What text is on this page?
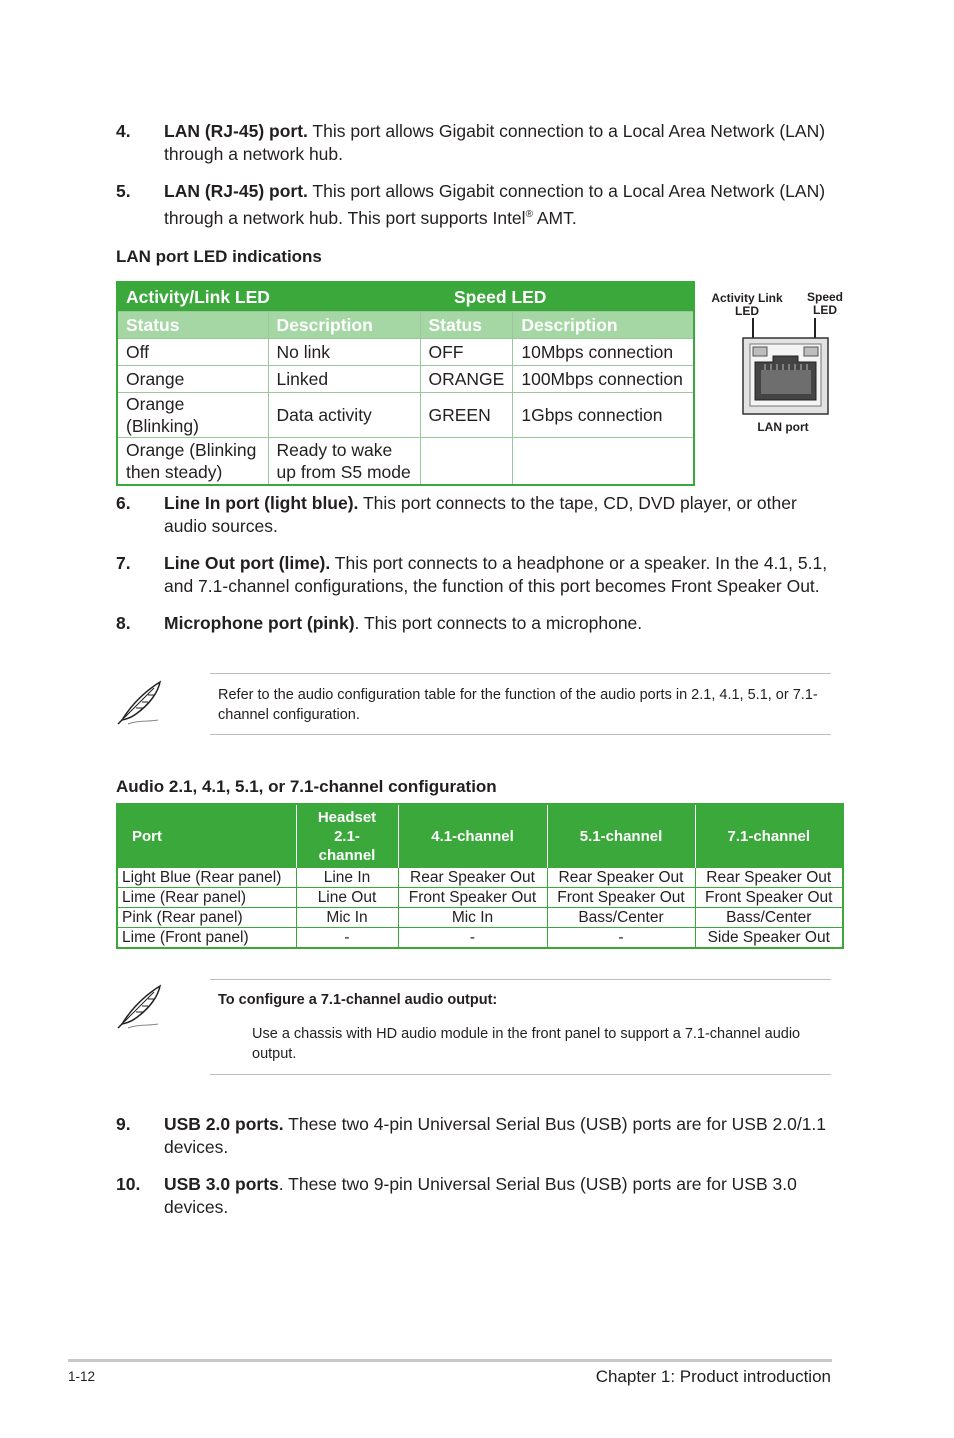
4. LAN (RJ-45) port. This port allows Gigabit connection to a Local Area Network (LAN) through a network hub.
5. LAN (RJ-45) port. This port allows Gigabit connection to a Local Area Network (LAN) through a network hub. This port supports Intel® AMT.
LAN port LED indications
Activity/Link LED		Speed LED	
Status	Description	Status	Description
Off	No link	OFF	10Mbps connection
Orange	Linked	ORANGE	100Mbps connection
Orange (Blinking)	Data activity	GREEN	1Gbps connection
Orange (Blinking then steady)	Ready to wake up from S5 mode		
Activity Link
LED
Speed
LED
LAN port
6. Line In port (light blue). This port connects to the tape, CD, DVD player, or other audio sources.
7. Line Out port (lime). This port connects to a headphone or a speaker. In the 4.1, 5.1, and 7.1-channel configurations, the function of this port becomes Front Speaker Out.
8. Microphone port (pink). This port connects to a microphone.
Refer to the audio configuration table for the function of the audio ports in 2.1, 4.1, 5.1, or 7.1-channel configuration.
Audio 2.1, 4.1, 5.1, or 7.1-channel configuration
Port	Headset 2.1-channel	4.1-channel	5.1-channel	7.1-channel
Light Blue (Rear panel)	Line In	Rear Speaker Out	Rear Speaker Out	Rear Speaker Out
Lime (Rear panel)	Line Out	Front Speaker Out	Front Speaker Out	Front Speaker Out
Pink (Rear panel)	Mic In	Mic In	Bass/Center	Bass/Center
Lime (Front panel)	-	-	-	Side Speaker Out
To configure a 7.1-channel audio output:
Use a chassis with HD audio module in the front panel to support a 7.1-channel audio output.
9. USB 2.0 ports. These two 4-pin Universal Serial Bus (USB) ports are for USB 2.0/1.1 devices.
10. USB 3.0 ports. These two 9-pin Universal Serial Bus (USB) ports are for USB 3.0 devices.
1-12	Chapter 1: Product introduction
